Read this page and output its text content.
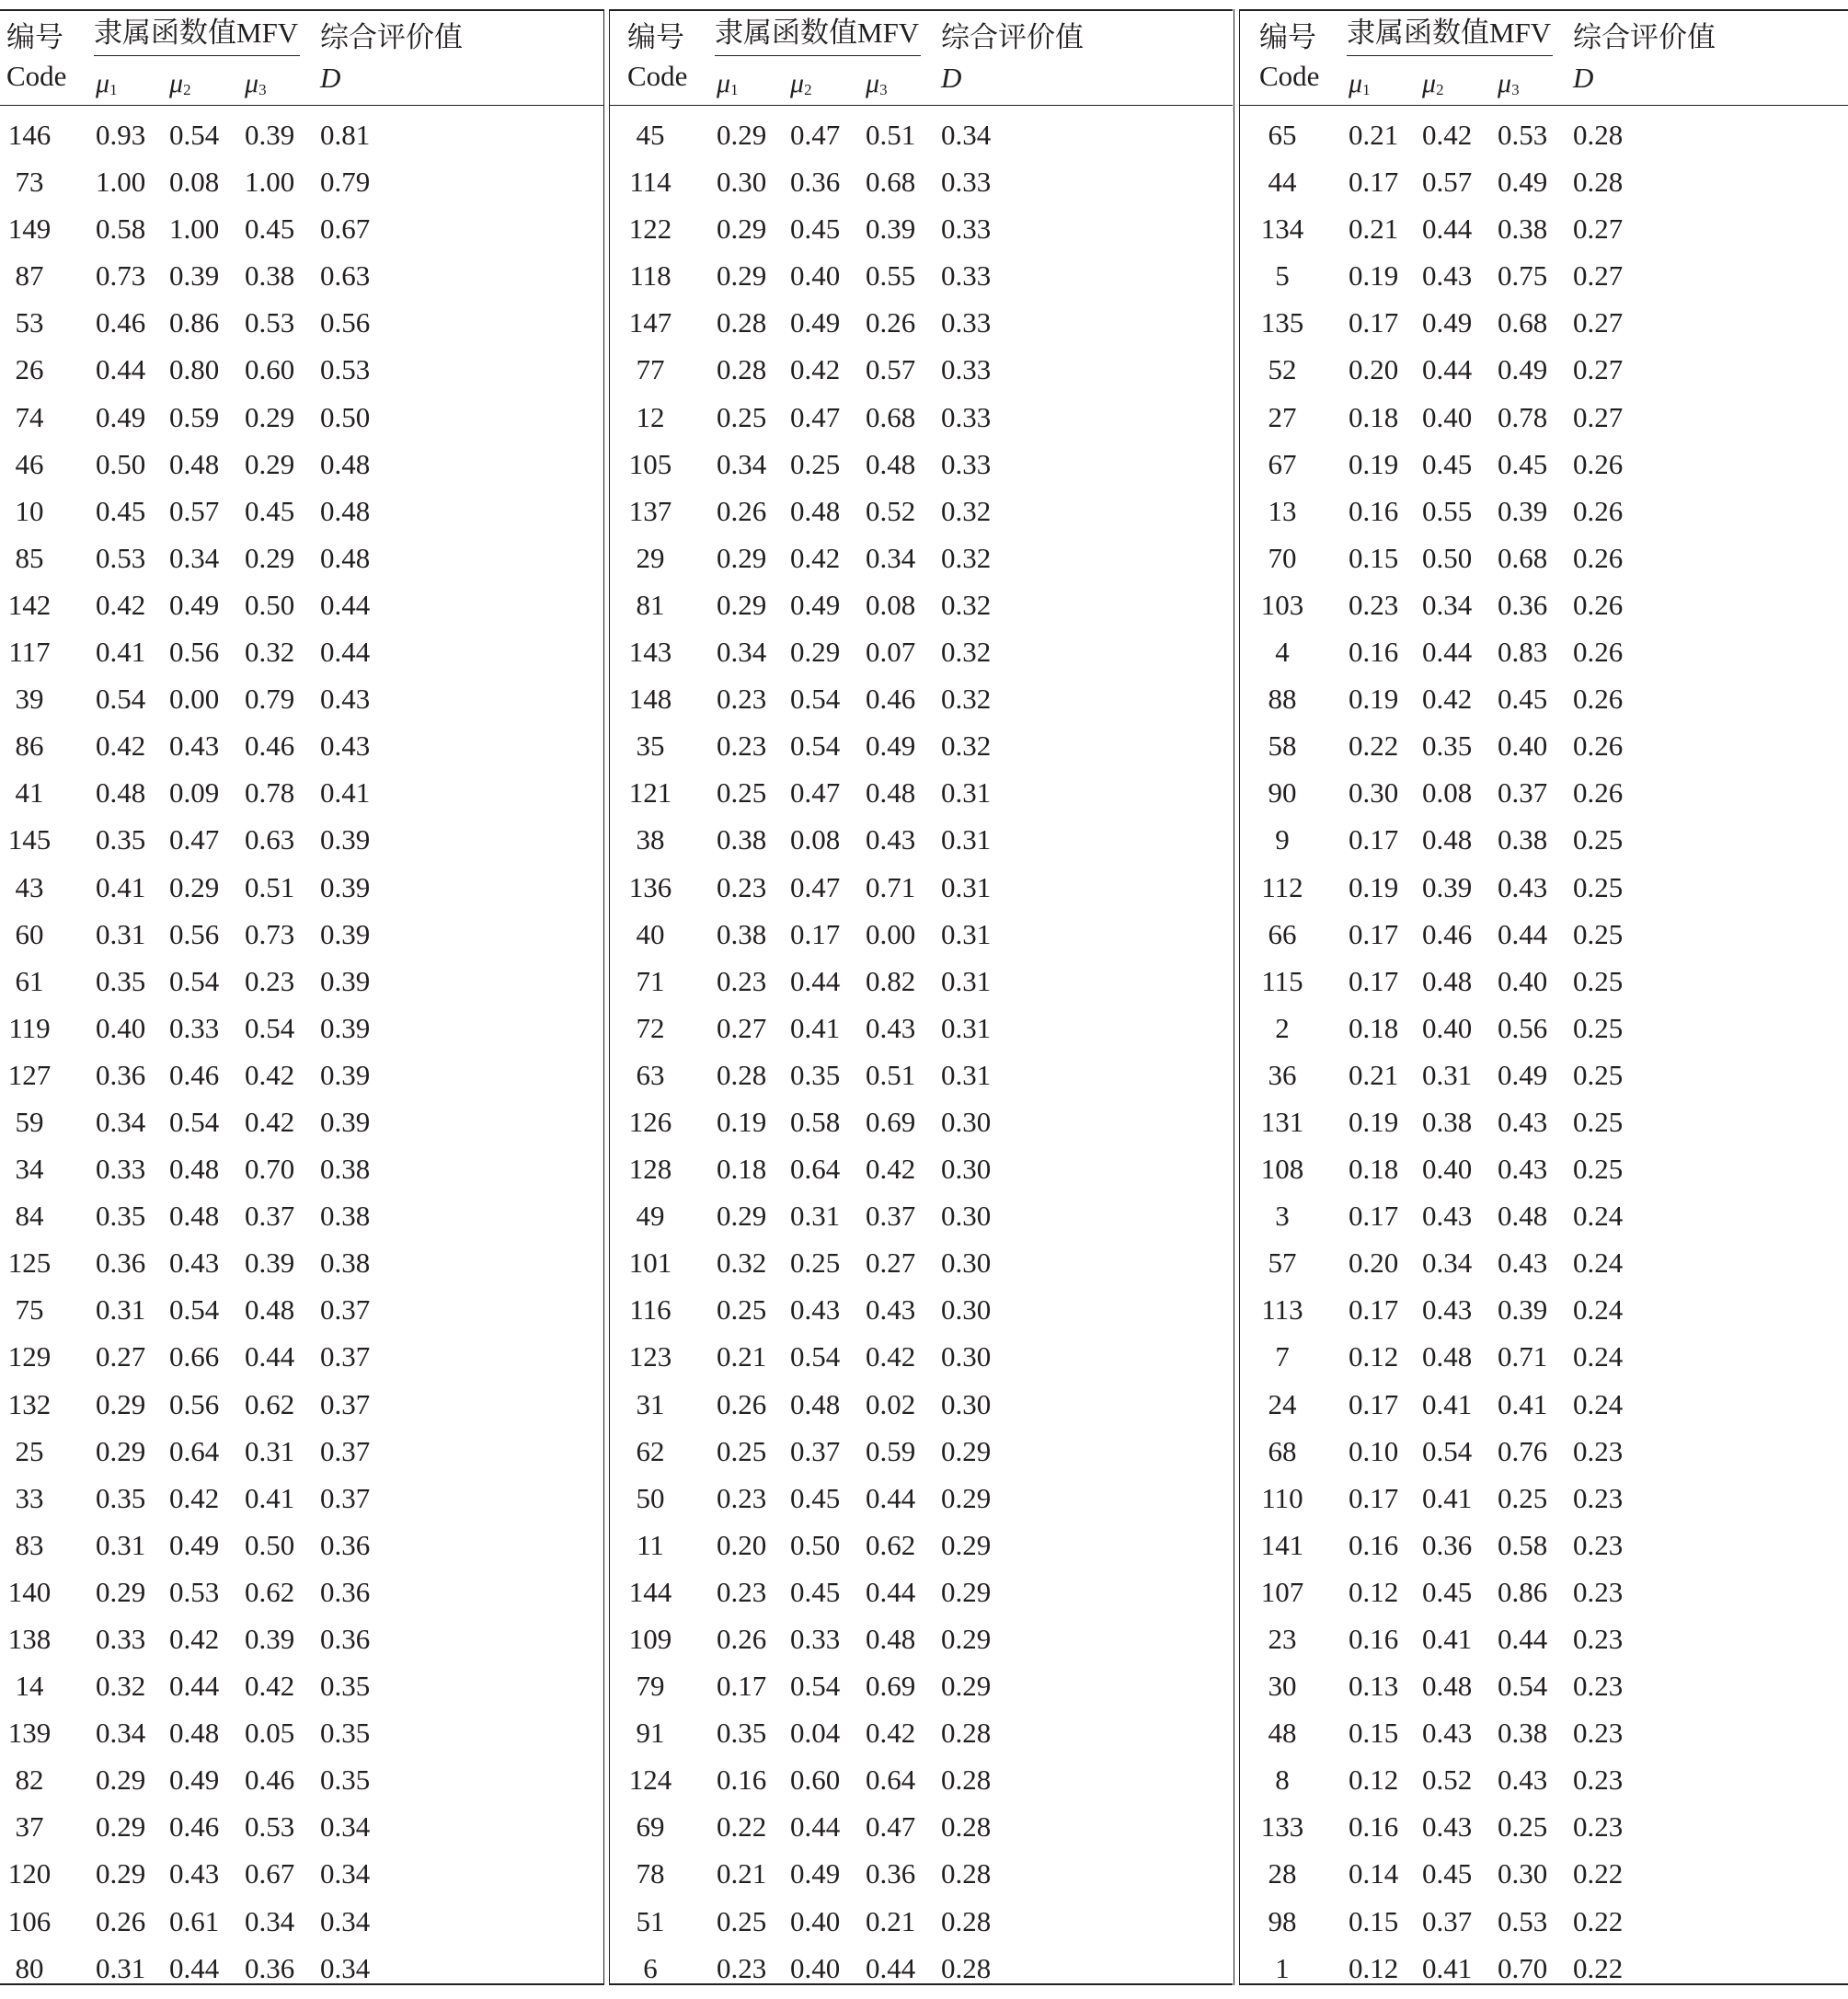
编号
Code
隶属函数值MFV
$\mu_1$ $\mu_2$ $\mu_3$
综合评价值
D
146 0.93 0.54 0.39 0.81
73	1.00 0.08 1.00 0.79
149 0.58 1.00 0.45 0.67
87	0.73 0.39 0.38 0.63
53	0.46 0.86 0.53 0.56
26	0.44 0.80 0.60 0.53
74	0.49 0.59 0.29 0.50
46	0.50 0.48 0.29 0.48
10	0.45 0.57 0.45 0.48
85	0.53 0.34 0.29 0.48
142 0.42 0.49 0.50 0.44
117 0.41 0.56 0.32 0.44
39	0.54 0.00 0.79 0.43
86	0.42 0.43 0.46 0.43
41	0.48 0.09 0.78 0.41
145 0.35 0.47 0.63 0.39
43	0.41 0.29 0.51 0.39
60	0.31 0.56 0.73 0.39
61	0.35 0.54 0.23 0.39
119 0.40 0.33 0.54 0.39
127 0.36 0.46 0.42 0.39
59	0.34 0.54 0.42 0.39
34	0.33 0.48 0.70 0.38
84	0.35 0.48 0.37 0.38
125 0.36 0.43 0.39 0.38
75	0.31 0.54 0.48 0.37
129 0.27 0.66 0.44 0.37
132 0.29 0.56 0.62 0.37
25	0.29 0.64 0.31 0.37
33	0.35 0.42 0.41 0.37
83	0.31 0.49 0.50 0.36
140 0.29 0.53 0.62 0.36
138 0.33 0.42 0.39 0.36
14	0.32 0.44 0.42 0.35
139 0.34 0.48 0.05 0.35
82	0.29 0.49 0.46 0.35
37	0.29 0.46 0.53 0.34
120 0.29 0.43 0.67 0.34
106 0.26 0.61 0.34 0.34
80	0.31 0.44 0.36 0.34
编号
Code
隶属函数值MFV
$\mu_1$ $\mu_2$ $\mu_3$
综合评价值
D
45	0.29 0.47 0.51 0.34
114 0.30 0.36 0.68 0.33
122 0.29 0.45 0.39 0.33
118 0.29 0.40 0.55 0.33
147 0.28 0.49 0.26 0.33
77	0.28 0.42 0.57 0.33
12	0.25 0.47 0.68 0.33
105 0.34 0.25 0.48 0.33
137 0.26 0.48 0.52 0.32
29	0.29 0.42 0.34 0.32
81	0.29 0.49 0.08 0.32
143 0.34 0.29 0.07 0.32
148 0.23 0.54 0.46 0.32
35	0.23 0.54 0.49 0.32
121 0.25 0.47 0.48 0.31
38	0.38 0.08 0.43 0.31
136 0.23 0.47 0.71 0.31
40	0.38 0.17 0.00 0.31
71	0.23 0.44 0.82 0.31
72	0.27 0.41 0.43 0.31
63	0.28 0.35 0.51 0.31
126 0.19 0.58 0.69 0.30
128 0.18 0.64 0.42 0.30
49	0.29 0.31 0.37 0.30
101 0.32 0.25 0.27 0.30
116 0.25 0.43 0.43 0.30
123 0.21 0.54 0.42 0.30
31	0.26 0.48 0.02 0.30
62	0.25 0.37 0.59 0.29
50	0.23 0.45 0.44 0.29
11	0.20 0.50 0.62 0.29
144 0.23 0.45 0.44 0.29
109 0.26 0.33 0.48 0.29
79	0.17 0.54 0.69 0.29
91	0.35 0.04 0.42 0.28
124 0.16 0.60 0.64 0.28
69	0.22 0.44 0.47 0.28
78	0.21 0.49 0.36 0.28
51	0.25 0.40 0.21 0.28
6	0.23 0.40 0.44 0.28
编号
Code
隶属函数值MFV
$\mu_1$ $\mu_2$ $\mu_3$
综合评价值
D
65	0.21 0.42 0.53 0.28
44	0.17 0.57 0.49 0.28
134 0.21 0.44 0.38 0.27
5	0.19 0.43 0.75 0.27
135 0.17 0.49 0.68 0.27
52	0.20 0.44 0.49 0.27
27	0.18 0.40 0.78 0.27
67	0.19 0.45 0.45 0.26
13	0.16 0.55 0.39 0.26
70	0.15 0.50 0.68 0.26
103 0.23 0.34 0.36 0.26
4	0.16 0.44 0.83 0.26
88	0.19 0.42 0.45 0.26
58	0.22 0.35 0.40 0.26
90	0.30 0.08 0.37 0.26
9	0.17 0.48 0.38 0.25
112 0.19 0.39 0.43 0.25
66	0.17 0.46 0.44 0.25
115 0.17 0.48 0.40 0.25
2	0.18 0.40 0.56 0.25
36	0.21 0.31 0.49 0.25
131 0.19 0.38 0.43 0.25
108 0.18 0.40 0.43 0.25
3	0.17 0.43 0.48 0.24
57	0.20 0.34 0.43 0.24
113 0.17 0.43 0.39 0.24
7	0.12 0.48 0.71 0.24
24	0.17 0.41 0.41 0.24
68	0.10 0.54 0.76 0.23
110 0.17 0.41 0.25 0.23
141 0.16 0.36 0.58 0.23
107 0.12 0.45 0.86 0.23
23	0.16 0.41 0.44 0.23
30	0.13 0.48 0.54 0.23
48	0.15 0.43 0.38 0.23
8	0.12 0.52 0.43 0.23
133 0.16 0.43 0.25 0.23
28	0.14 0.45 0.30 0.22
98	0.15 0.37 0.53 0.22
1	0.12 0.41 0.70 0.22
